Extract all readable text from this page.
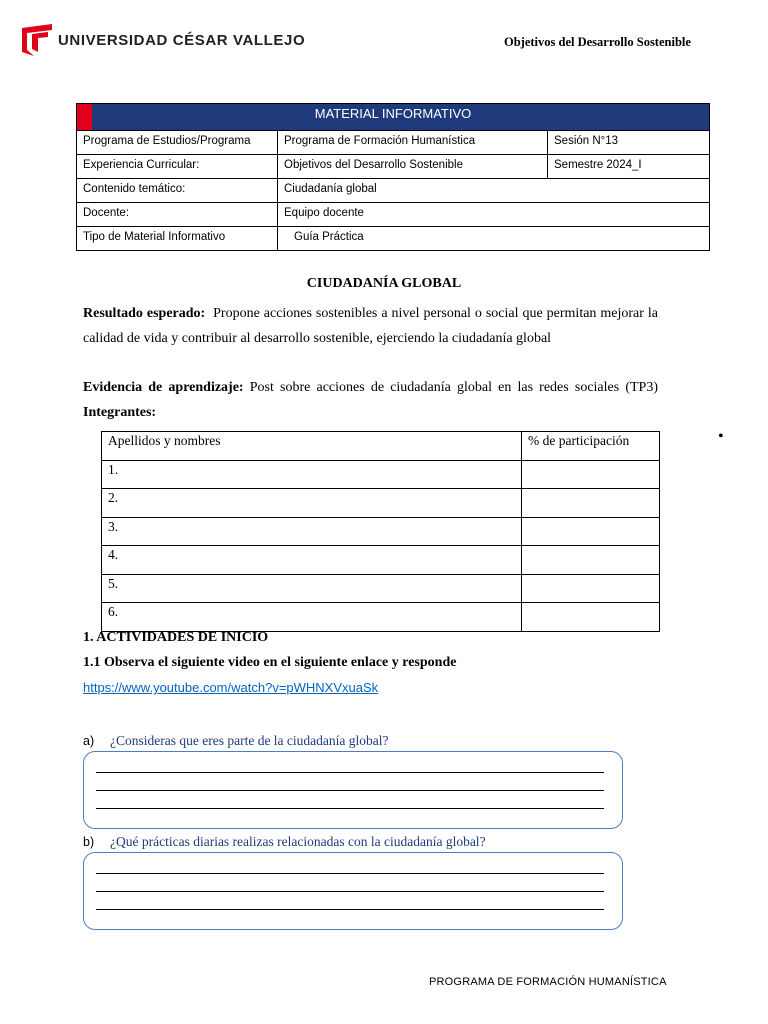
UNIVERSIDAD CÉSAR VALLEJO	Objetivos del Desarrollo Sostenible
MATERIAL INFORMATIVO		
Programa de Estudios/Programa	Programa de Formación Humanística	Sesión N°13
Experiencia Curricular:	Objetivos del Desarrollo Sostenible	Semestre 2024_I
Contenido temático:	Ciudadanía global	
Docente:	Equipo docente	
Tipo de Material Informativo	Guía Práctica	
CIUDADANÍA GLOBAL
Resultado esperado: Propone acciones sostenibles a nivel personal o social que permitan mejorar la calidad de vida y contribuir al desarrollo sostenible, ejerciendo la ciudadanía global
Evidencia de aprendizaje: Post sobre acciones de ciudadanía global en las redes sociales (TP3) Integrantes:
Apellidos y nombres	% de participación
1.	
2.	
3.	
4.	
5.	
6.	
•
1. ACTIVIDADES DE INICIO
1.1 Observa el siguiente video en el siguiente enlace y responde
https://www.youtube.com/watch?v=pWHNXVxuaSk
a) ¿Consideras que eres parte de la ciudadanía global?
b) ¿Qué prácticas diarias realizas relacionadas con la ciudadanía global?
PROGRAMA DE FORMACIÓN HUMANÍSTICA
